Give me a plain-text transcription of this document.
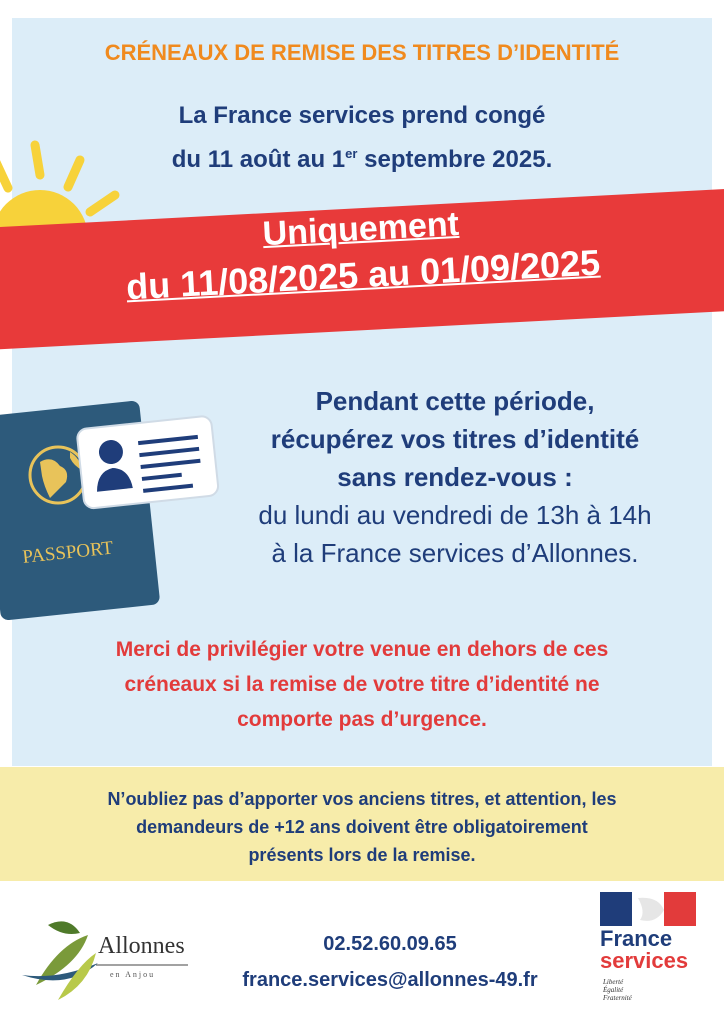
CRÉNEAUX DE REMISE DES TITRES D’IDENTITÉ
La France services prend congé
du 11 août au 1er septembre 2025.
Uniquement
du 11/08/2025 au 01/09/2025
PASSPORT
Pendant cette période,
récupérez vos titres d’identité
sans rendez-vous :
du lundi au vendredi de 13h à 14h
à la France services d’Allonnes.
Merci de privilégier votre venue en dehors de ces
créneaux si la remise de votre titre d’identité ne
comporte pas d’urgence.

N’oubliez pas d’apporter vos anciens titres, et attention, les
demandeurs de +12 ans doivent être obligatoirement
présents lors de la remise.

Allonnes
en Anjou
02.52.60.09.65
france.services@allonnes-49.fr
France
services
Liberté
Égalité
Fraternité
